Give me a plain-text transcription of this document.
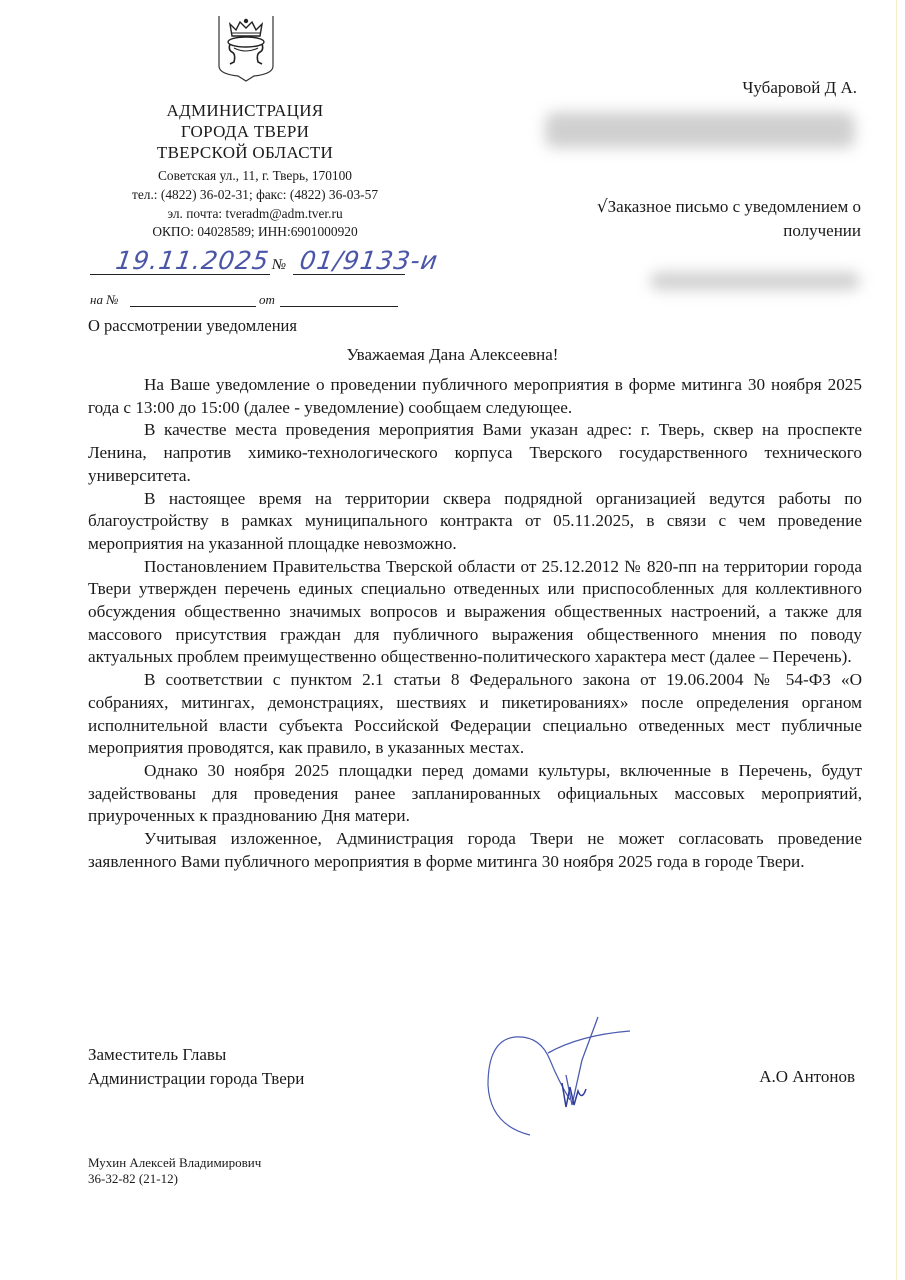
АДМИНИСТРАЦИЯ
ГОРОДА ТВЕРИ
ТВЕРСКОЙ ОБЛАСТИ
Советская ул., 11, г. Тверь, 170100
тел.: (4822) 36-02-31; факс: (4822) 36-03-57
эл. почта: tveradm@adm.tver.ru
ОКПО: 04028589; ИНН:6901000920
19.11.2025 № 01/9133-и
на №	от
О рассмотрении уведомления
Чубаровой Д А.
√Заказное письмо с уведомлением о получении
Уважаемая Дана Алексеевна!

На Ваше уведомление о проведении публичного мероприятия в форме митинга 30 ноября 2025 года с 13:00 до 15:00 (далее - уведомление) сообщаем следующее.

В качестве места проведения мероприятия Вами указан адрес: г. Тверь, сквер на проспекте Ленина, напротив химико-технологического корпуса Тверского государственного технического университета.

В настоящее время на территории сквера подрядной организацией ведутся работы по благоустройству в рамках муниципального контракта от 05.11.2025, в связи с чем проведение мероприятия на указанной площадке невозможно.

Постановлением Правительства Тверской области от 25.12.2012 № 820-пп на территории города Твери утвержден перечень единых специально отведенных или приспособленных для коллективного обсуждения общественно значимых вопросов и выражения общественных настроений, а также для массового присутствия граждан для публичного выражения общественного мнения по поводу актуальных проблем преимущественно общественно-политического характера мест (далее – Перечень).

В соответствии с пунктом 2.1 статьи 8 Федерального закона от 19.06.2004 № 54-ФЗ «О собраниях, митингах, демонстрациях, шествиях и пикетированиях» после определения органом исполнительной власти субъекта Российской Федерации специально отведенных мест публичные мероприятия проводятся, как правило, в указанных местах.

Однако 30 ноября 2025 площадки перед домами культуры, включенные в Перечень, будут задействованы для проведения ранее запланированных официальных массовых мероприятий, приуроченных к празднованию Дня матери.

Учитывая изложенное, Администрация города Твери не может согласовать проведение заявленного Вами публичного мероприятия в форме митинга 30 ноября 2025 года в городе Твери.

Заместитель Главы
Администрации города Твери	А.О Антонов
Мухин Алексей Владимирович
36-32-82 (21-12)
